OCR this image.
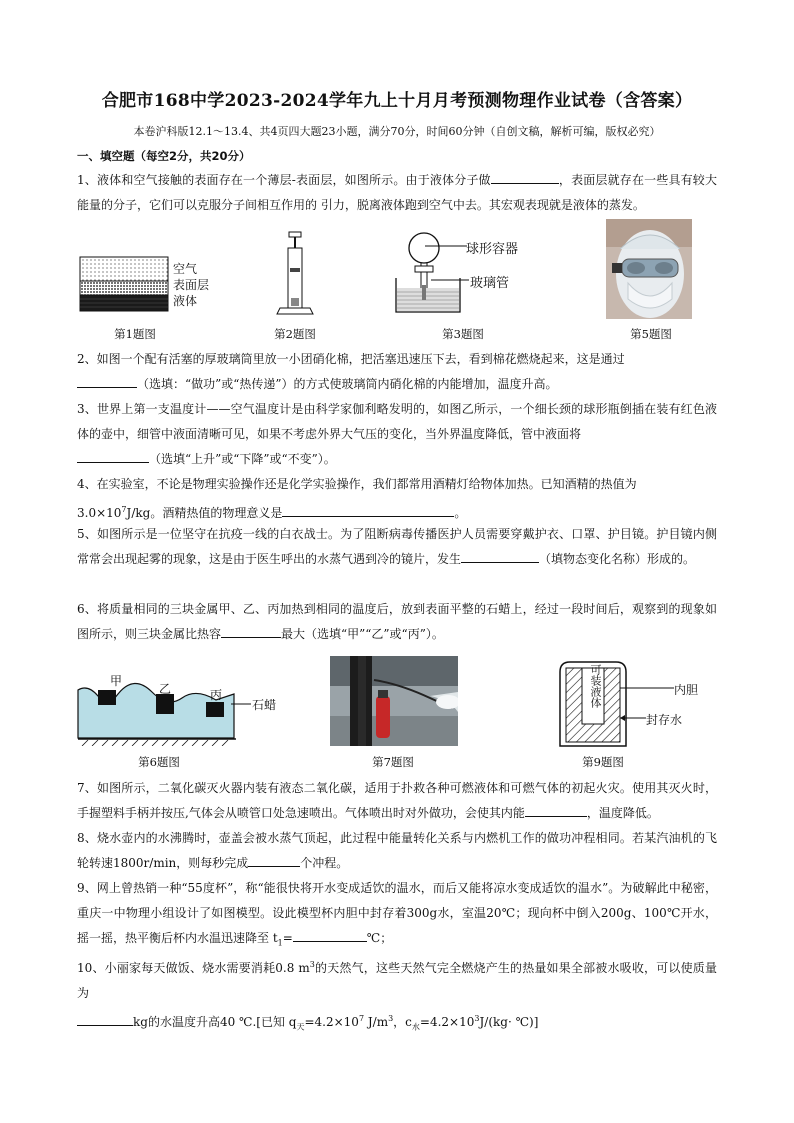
合肥市168中学2023-2024学年九上十月月考预测物理作业试卷（含答案）
本卷沪科版12.1～13.4、共4页四大题23小题，满分70分，时间60分钟（自创文稿，解析可编，版权必究）
一、填空题（每空2分，共20分）
1、液体和空气接触的表面存在一个薄层-表面层，如图所示。由于液体分子做	，表面层就存在一些具有较大能量的分子，它们可以克服分子间相互作用的 引力，脱离液体跑到空气中去。其宏观表现就是液体的蒸发。
空气
表面层
液体
第1题图	第2题图
球形容器
玻璃管
第3题图	第5题图
2、如图一个配有活塞的厚玻璃筒里放一小团硝化棉，把活塞迅速压下去，看到棉花燃烧起来，这是通过
（选填：“做功”或“热传递”）的方式使玻璃筒内硝化棉的内能增加，温度升高。
3、世界上第一支温度计——空气温度计是由科学家伽利略发明的，如图乙所示，一个细长颈的球形瓶倒插在装有红色液体的壶中，细管中液面清晰可见，如果不考虑外界大气压的变化，当外界温度降低，管中液面将
（选填“上升”或“下降”或“不变”）。
4、在实验室，不论是物理实验操作还是化学实验操作，我们都常用酒精灯给物体加热。已知酒精的热值为
$3.0\times 10^7J/kg$。酒精热值的物理意义是	。
5、如图所示是一位坚守在抗疫一线的白衣战士。为了阻断病毒传播医护人员需要穿戴护衣、口罩、护目镜。护目镜内侧常常会出现起雾的现象，这是由于医生呼出的水蒸气遇到冷的镜片，发生	（填物态变化名称）形成的。
6、将质量相同的三块金属甲、乙、丙加热到相同的温度后，放到表面平整的石蜡上，经过一段时间后，观察到的现象如图所示，则三块金属比热容	最大（选填“甲”“乙”或“丙”）。
甲
乙	丙
石蜡
第6题图	第7题图
可装液体	内胆
封存水
第9题图
7、如图所示，二氧化碳灭火器内装有液态二氧化碳，适用于扑救各种可燃液体和可燃气体的初起火灾。使用其灭火时，手握塑料手柄并按压,气体会从喷管口处急速喷出。气体喷出时对外做功，会使其内能	，温度降低。
8、烧水壶内的水沸腾时，壶盖会被水蒸气顶起，此过程中能量转化关系与内燃机工作的做功冲程相同。若某汽油机的飞轮转速1800r/min，则每秒完成	个冲程。
9、网上曾热销一种“55度杯”，称“能很快将开水变成适饮的温水，而后又能将凉水变成适饮的温水”。为破解此中秘密，重庆一中物理小组设计了如图模型。设此模型杯内胆中封存着300g水，室温20℃；现向杯中倒入200g、100℃开水，摇一摇，热平衡后杯内水温迅速降至 $t_1=$	℃；
10、小丽家每天做饭、烧水需要消耗0.8 $m^3$的天然气，这些天然气完全燃烧产生的热量如果全部被水吸收，可以使质量为
kg的水温度升高40 ℃.[已知 $q_天=4.2\times 10^7$ $J/m^3$，$c_水=4.2\times 10^3J/(kg\cdot$ ℃)]
